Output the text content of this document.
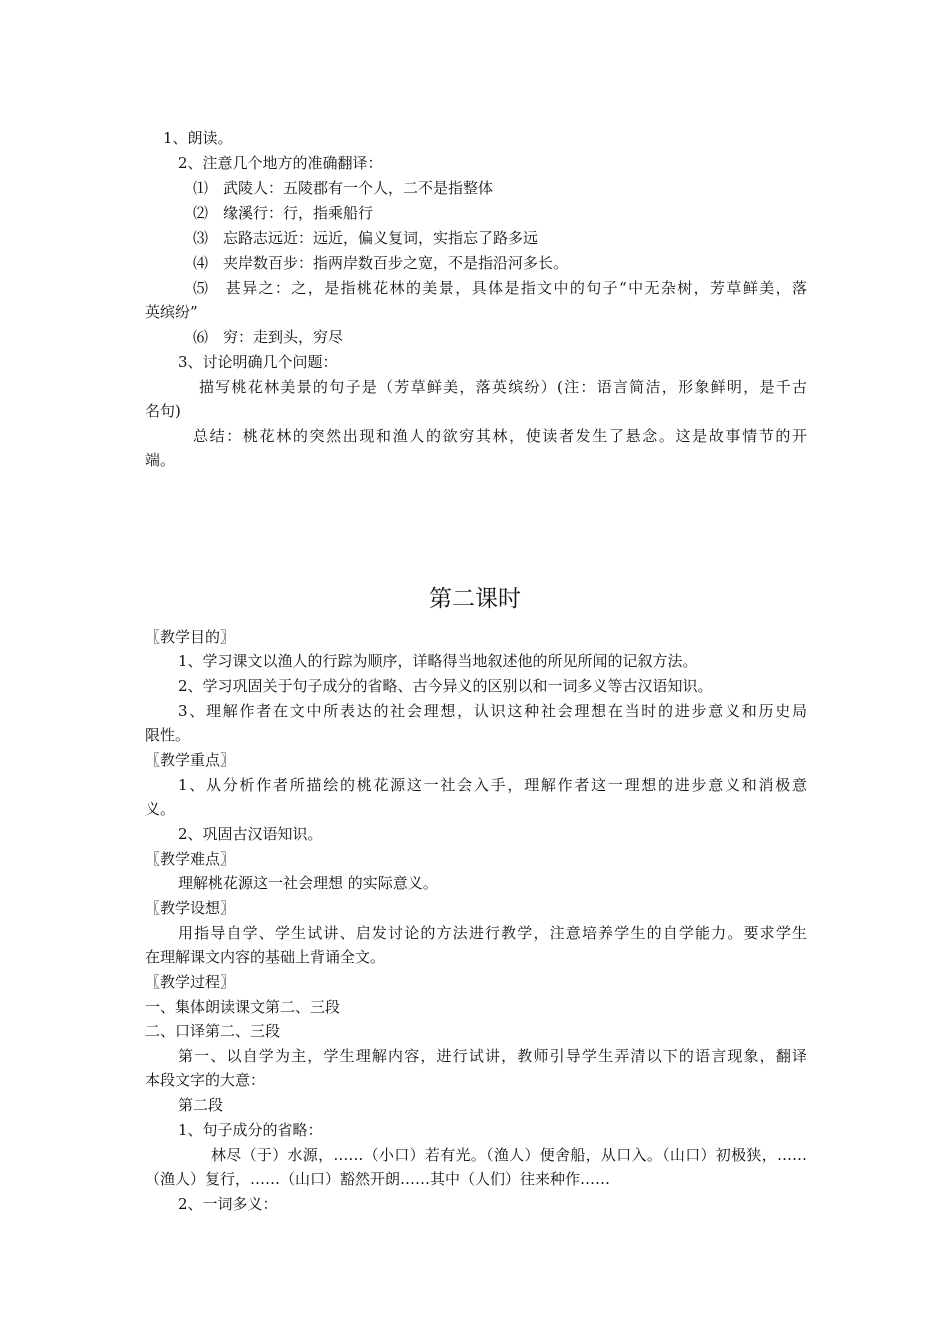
1、朗读。
2、注意几个地方的准确翻译：
⑴　武陵人：五陵郡有一个人，二不是指整体
⑵　缘溪行：行，指乘船行
⑶　忘路志远近：远近，偏义复词，实指忘了路多远
⑷　夹岸数百步：指两岸数百步之宽，不是指沿河多长。
⑸　甚异之：之，是指桃花林的美景，具体是指文中的句子“中无杂树，芳草鲜美，落
英缤纷”
⑹　穷：走到头，穷尽
3、讨论明确几个问题：
描写桃花林美景的句子是（芳草鲜美，落英缤纷）(注：语言简洁，形象鲜明，是千古
名句)
总结：桃花林的突然出现和渔人的欲穷其林，使读者发生了悬念。这是故事情节的开
端。
第二课时
〖教学目的〗
1、学习课文以渔人的行踪为顺序，详略得当地叙述他的所见所闻的记叙方法。
2、学习巩固关于句子成分的省略、古今异义的区别以和一词多义等古汉语知识。
3、理解作者在文中所表达的社会理想，认识这种社会理想在当时的进步意义和历史局
限性。
〖教学重点〗
1、从分析作者所描绘的桃花源这一社会入手，理解作者这一理想的进步意义和消极意
义。
2、巩固古汉语知识。
〖教学难点〗
理解桃花源这一社会理想 的实际意义。
〖教学设想〗
用指导自学、学生试讲、启发讨论的方法进行教学，注意培养学生的自学能力。要求学生
在理解课文内容的基础上背诵全文。
〖教学过程〗
一、集体朗读课文第二、三段
二、口译第二、三段
第一、以自学为主，学生理解内容，进行试讲，教师引导学生弄清以下的语言现象，翻译
本段文字的大意：
第二段
1、句子成分的省略：
林尽（于）水源，……（小口）若有光。（渔人）便舍船，从口入。（山口）初极狭，……
（渔人）复行，……（山口）豁然开朗……其中（人们）往来种作……
2、一词多义：
